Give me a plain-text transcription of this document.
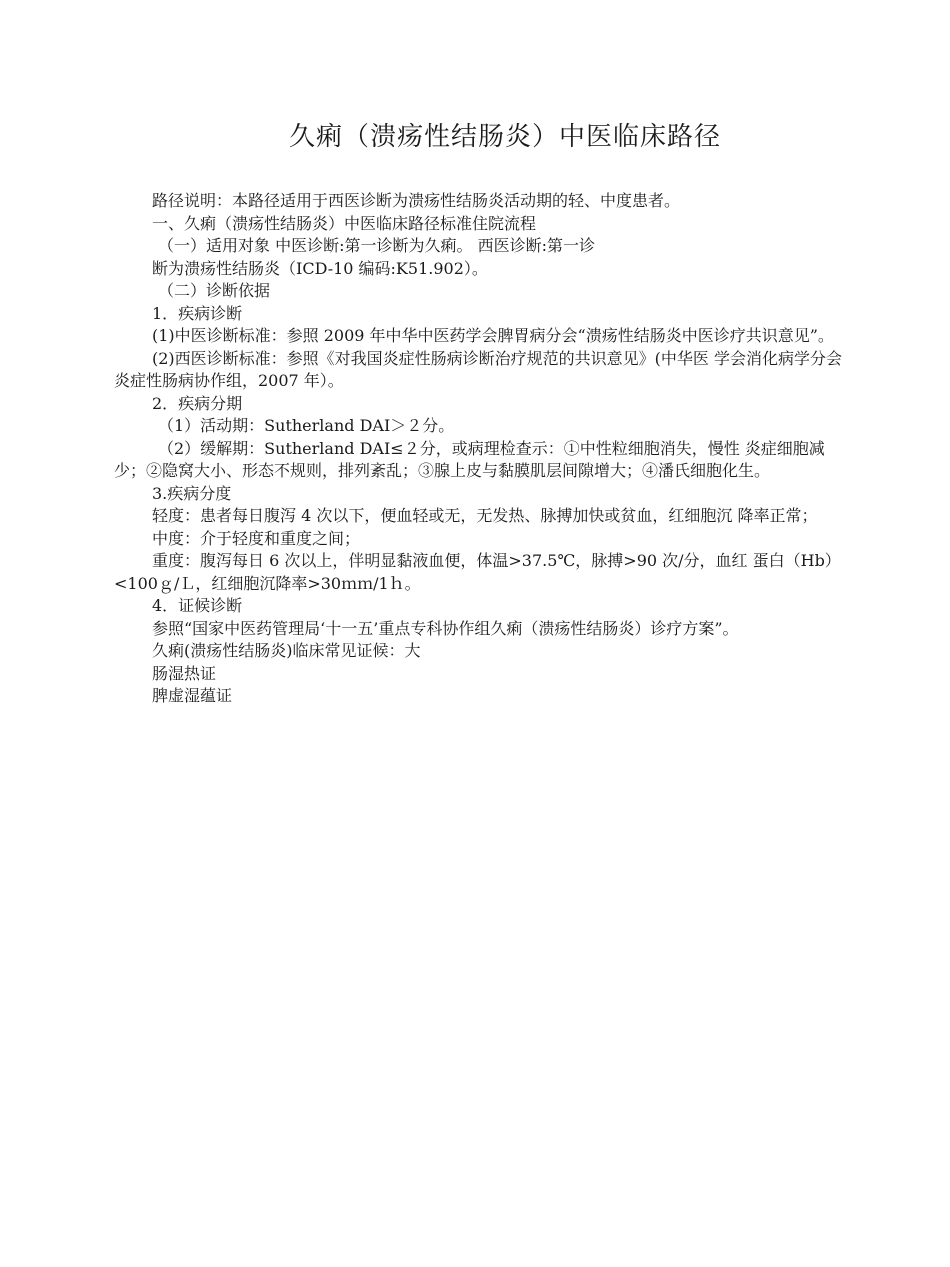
久痢（溃疡性结肠炎）中医临床路径

路径说明：本路径适用于西医诊断为溃疡性结肠炎活动期的轻、中度患者。

一、久痢（溃疡性结肠炎）中医临床路径标准住院流程

（一）适用对象 中医诊断:第一诊断为久痢。 西医诊断:第一诊

断为溃疡性结肠炎（ICD-10 编码:K51.902）。

（二）诊断依据

1．疾病诊断

(1)中医诊断标准：参照 2009 年中华中医药学会脾胃病分会“溃疡性结肠炎中医诊疗共识意见”。

(2)西医诊断标准：参照《对我国炎症性肠病诊断治疗规范的共识意见》(中华医 学会消化病学分会炎症性肠病协作组，2007 年）。

2．疾病分期

（1）活动期：Sutherland DAI＞２分。

（2）缓解期：Sutherland DAI≤２分，或病理检查示：①中性粒细胞消失，慢性 炎症细胞减少；②隐窝大小、形态不规则，排列紊乱；③腺上皮与黏膜肌层间隙增大；④潘氏细胞化生。

3.疾病分度

轻度：患者每日腹泻 4 次以下，便血轻或无，无发热、脉搏加快或贫血，红细胞沉 降率正常；

中度：介于轻度和重度之间；

重度：腹泻每日 6 次以上，伴明显黏液血便，体温>37.5℃，脉搏>90 次/分，血红 蛋白（Hb）<100ｇ/Ｌ，红细胞沉降率>30ｍｍ/1ｈ。

4．证候诊断

参照“国家中医药管理局‘十一五’重点专科协作组久痢（溃疡性结肠炎）诊疗方案”。

久痢(溃疡性结肠炎)临床常见证候：大

肠湿热证

脾虚湿蕴证
